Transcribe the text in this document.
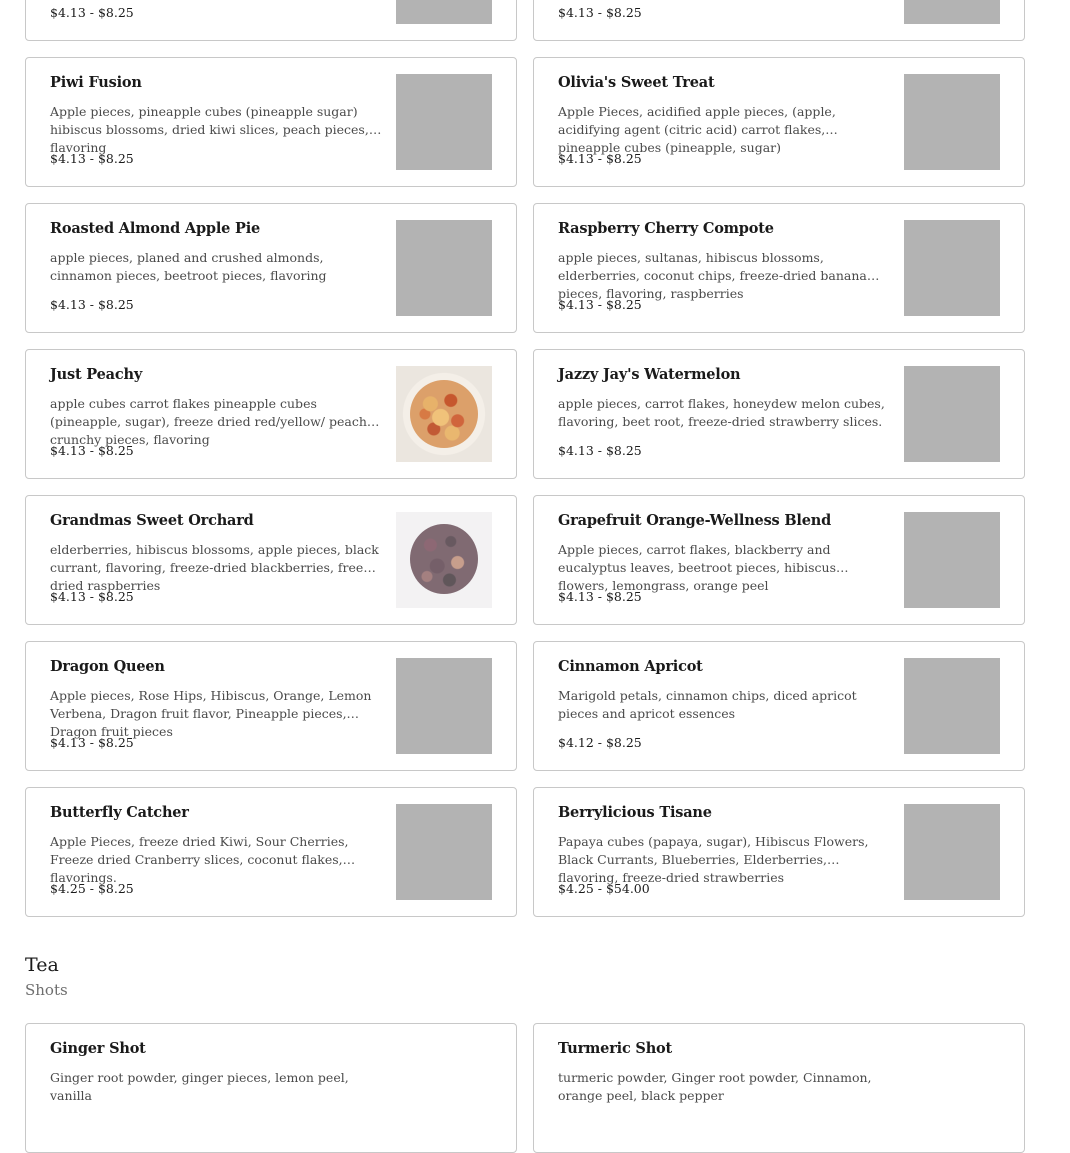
$4.13 - $8.25	$4.13 - $8.25
Piwi Fusion
Apple pieces, pineapple cubes (pineapple sugar) hibiscus blossoms, dried kiwi slices, peach pieces, flavoring
$4.13 - $8.25
Olivia's Sweet Treat
Apple Pieces, acidified apple pieces, (apple, acidifying agent (citric acid) carrot flakes, pineapple cubes (pineapple, sugar)
$4.13 - $8.25
Roasted Almond Apple Pie
apple pieces, planed and crushed almonds, cinnamon pieces, beetroot pieces, flavoring
$4.13 - $8.25
Raspberry Cherry Compote
apple pieces, sultanas, hibiscus blossoms, elderberries, coconut chips, freeze-dried banana pieces, flavoring, raspberries
$4.13 - $8.25
Just Peachy
apple cubes carrot flakes pineapple cubes (pineapple, sugar), freeze dried red/yellow/ peach crunchy pieces, flavoring
$4.13 - $8.25
Jazzy Jay's Watermelon
apple pieces, carrot flakes, honeydew melon cubes, flavoring, beet root, freeze-dried strawberry slices.
$4.13 - $8.25
Grandmas Sweet Orchard
elderberries, hibiscus blossoms, apple pieces, black currant, flavoring, freeze-dried blackberries, freeze-dried raspberries
$4.13 - $8.25
Grapefruit Orange-Wellness Blend
Apple pieces, carrot flakes, blackberry and eucalyptus leaves, beetroot pieces, hibiscus flowers, lemongrass, orange peel
$4.13 - $8.25
Dragon Queen
Apple pieces, Rose Hips, Hibiscus, Orange, Lemon Verbena, Dragon fruit flavor, Pineapple pieces, Dragon fruit pieces
$4.13 - $8.25
Cinnamon Apricot
Marigold petals, cinnamon chips, diced apricot pieces and apricot essences
$4.12 - $8.25
Butterfly Catcher
Apple Pieces, freeze dried Kiwi, Sour Cherries, Freeze dried Cranberry slices, coconut flakes, flavorings.
$4.25 - $8.25
Berrylicious Tisane
Papaya cubes (papaya, sugar), Hibiscus Flowers, Black Currants, Blueberries, Elderberries, flavoring, freeze-dried strawberries
$4.25 - $54.00
Tea
Shots
Ginger Shot
Ginger root powder, ginger pieces, lemon peel, vanilla
Turmeric Shot
turmeric powder, Ginger root powder, Cinnamon, orange peel, black pepper
